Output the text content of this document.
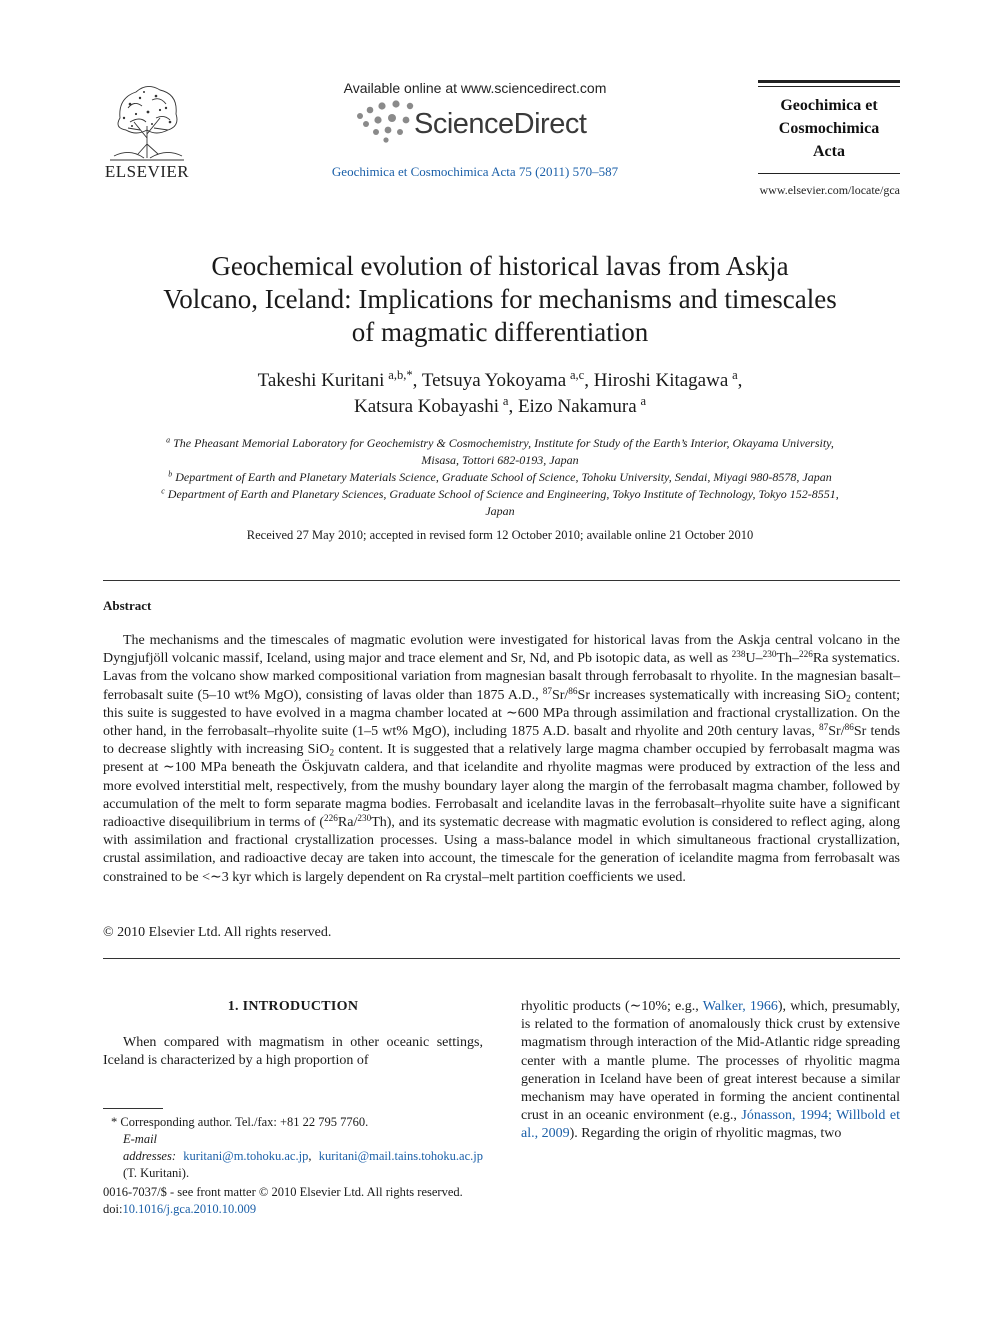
ELSEVIER
Available online at www.sciencedirect.com
ScienceDirect
Geochimica et Cosmochimica Acta 75 (2011) 570–587
Geochimica et
Cosmochimica
Acta
www.elsevier.com/locate/gca
Geochemical evolution of historical lavas from Askja
Volcano, Iceland: Implications for mechanisms and timescales
of magmatic differentiation
Takeshi Kuritani  $^{a,b,*}$, Tetsuya Yokoyama  $^{a,c}$, Hiroshi Kitagawa  $^a$,
Katsura Kobayashi  $^a$, Eizo Nakamura  $^a$
$^a$ The Pheasant Memorial Laboratory for Geochemistry & Cosmochemistry, Institute for Study of the Earth’s Interior, Okayama University,
Misasa, Tottori 682-0193, Japan
$^b$ Department of Earth and Planetary Materials Science, Graduate School of Science, Tohoku University, Sendai, Miyagi 980-8578, Japan
$^c$ Department of Earth and Planetary Sciences, Graduate School of Science and Engineering, Tokyo Institute of Technology, Tokyo 152-8551,
Japan
Received 27 May 2010; accepted in revised form 12 October 2010; available online 21 October 2010
Abstract

The mechanisms and the timescales of magmatic evolution were investigated for historical lavas from the Askja central volcano in the Dyngjufjöll volcanic massif, Iceland, using major and trace element and Sr, Nd, and Pb isotopic data, as well as $^{238}$U–$^{230}$Th–$^{226}$Ra systematics. Lavas from the volcano show marked compositional variation from magnesian basalt through ferrobasalt to rhyolite. In the magnesian basalt–ferrobasalt suite (5–10 wt% MgO), consisting of lavas older than 1875 A.D., $^{87}$Sr/$^{86}$Sr increases systematically with increasing SiO$_2$ content; this suite is suggested to have evolved in a magma chamber located at ∼600 MPa through assimilation and fractional crystallization. On the other hand, in the ferrobasalt–rhyolite suite (1–5 wt% MgO), including 1875 A.D. basalt and rhyolite and 20th century lavas, $^{87}$Sr/$^{86}$Sr tends to decrease slightly with increasing SiO$_2$ content. It is suggested that a relatively large magma chamber occupied by ferrobasalt magma was present at ∼100 MPa beneath the Öskjuvatn caldera, and that icelandite and rhyolite magmas were produced by extraction of the less and more evolved interstitial melt, respectively, from the mushy boundary layer along the margin of the ferrobasalt magma chamber, followed by accumulation of the melt to form separate magma bodies. Ferrobasalt and icelandite lavas in the ferrobasalt–rhyolite suite have a significant radioactive disequilibrium in terms of ($^{226}$Ra/$^{230}$Th), and its systematic decrease with magmatic evolution is considered to reflect aging, along with assimilation and fractional crystallization processes. Using a mass-balance model in which simultaneous fractional crystallization, crustal assimilation, and radioactive decay are taken into account, the timescale for the generation of icelandite magma from ferrobasalt was constrained to be <∼3 kyr which is largely dependent on Ra crystal–melt partition coefficients we used.

© 2010 Elsevier Ltd. All rights reserved.
1. INTRODUCTION
When compared with magmatism in other oceanic settings, Iceland is characterized by a high proportion of
rhyolitic products (∼10%; e.g., Walker, 1966), which, presumably, is related to the formation of anomalously thick crust by extensive magmatism through interaction of the Mid-Atlantic ridge spreading center with a mantle plume. The processes of rhyolitic magma generation in Iceland have been of great interest because a similar mechanism may have operated in forming the ancient continental crust in an oceanic environment (e.g., Jónasson, 1994; Willbold et al., 2009). Regarding the origin of rhyolitic magmas, two
* Corresponding author. Tel./fax: +81 22 795 7760.
E-mail addresses: kuritani@m.tohoku.ac.jp,  kuritani@mail.tains.tohoku.ac.jp (T. Kuritani).
0016-7037/$ - see front matter © 2010 Elsevier Ltd. All rights reserved.
doi:10.1016/j.gca.2010.10.009
